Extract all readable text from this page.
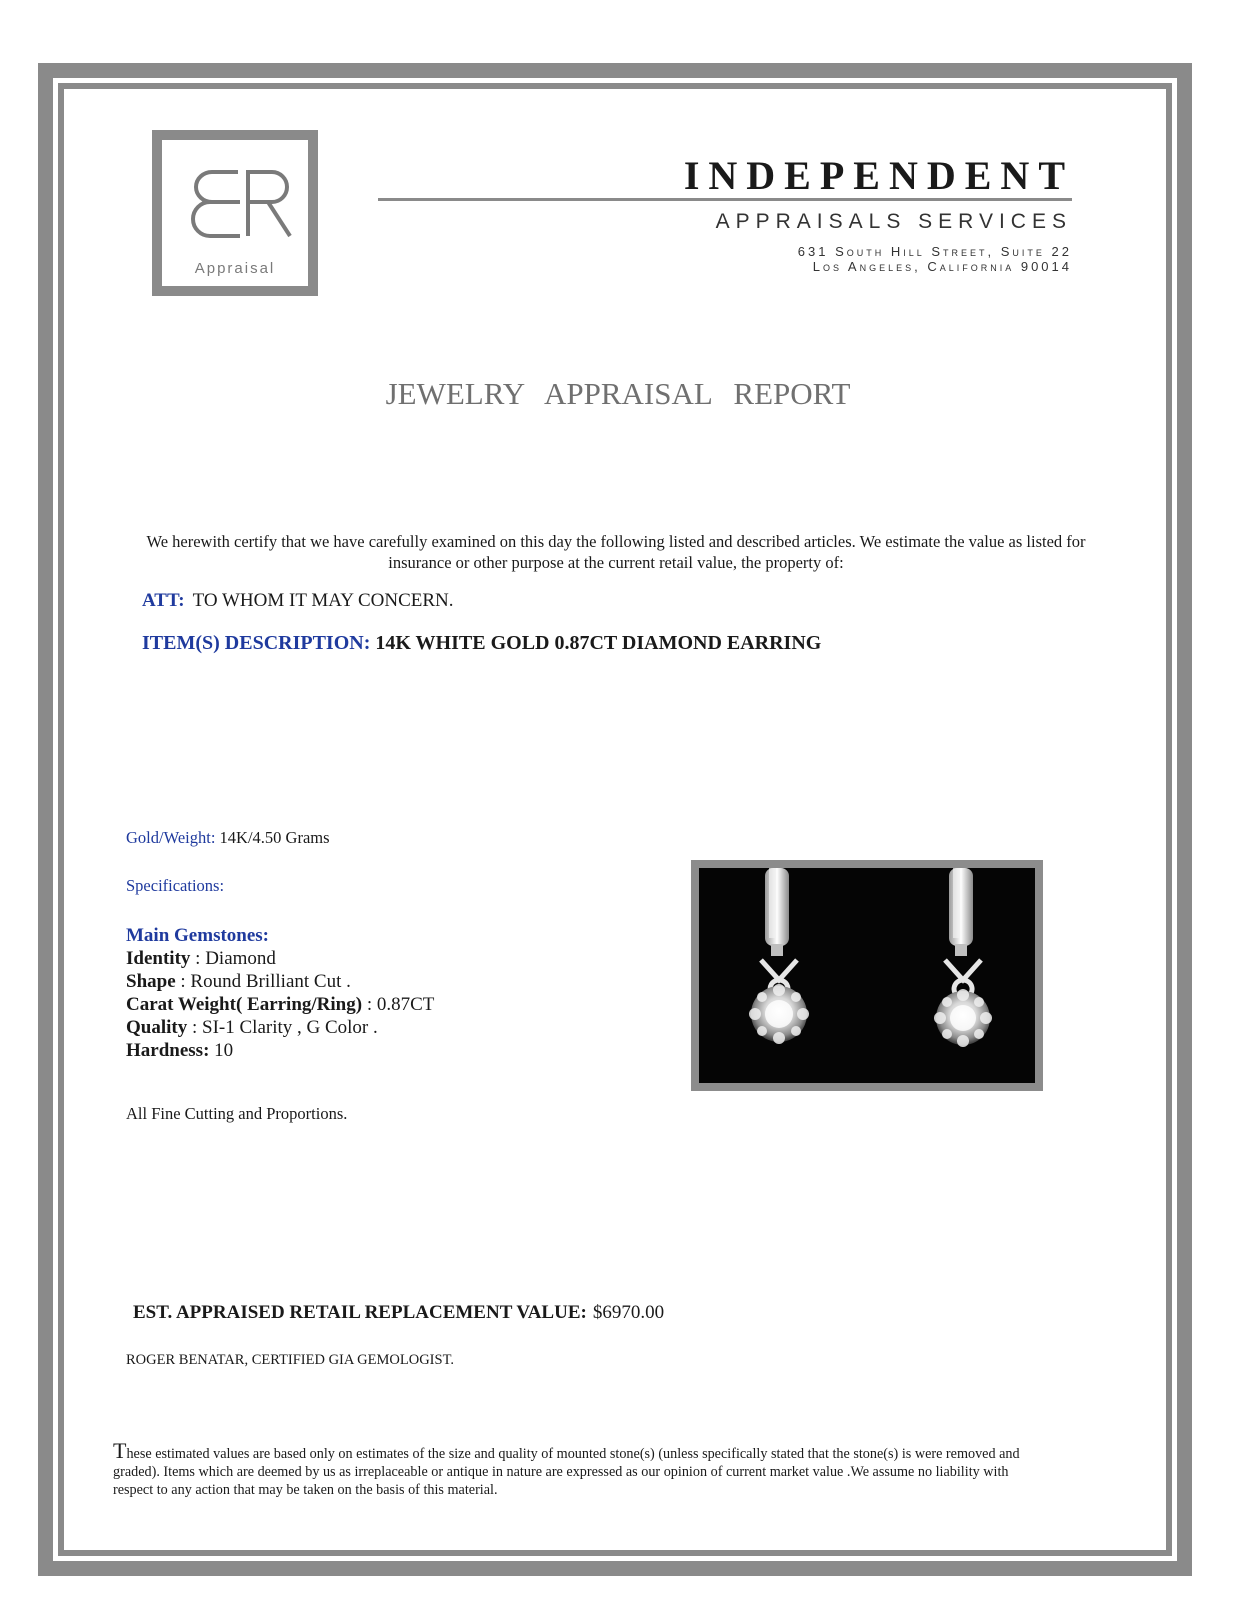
Appraisal
INDEPENDENT
APPRAISALS SERVICES
631 South Hill Street, Suite 22
Los Angeles, California 90014
JEWELRY APPRAISAL REPORT
We herewith certify that we have carefully examined on this day the following listed and described articles. We estimate the value as listed for insurance or other purpose at the current retail value, the property of:
ATT: TO WHOM IT MAY CONCERN.
ITEM(S) DESCRIPTION: 14K WHITE GOLD 0.87CT DIAMOND EARRING
Gold/Weight: 14K/4.50 Grams
Specifications:
Main Gemstones:
Identity : Diamond
Shape : Round Brilliant Cut .
Carat Weight( Earring/Ring) : 0.87CT
Quality : SI-1 Clarity , G Color .
Hardness: 10
All Fine Cutting and Proportions.
EST. APPRAISED RETAIL REPLACEMENT VALUE: $6970.00
ROGER BENATAR, CERTIFIED GIA GEMOLOGIST.
These estimated values are based only on estimates of the size and quality of mounted stone(s) (unless specifically stated that the stone(s) is were removed and graded). Items which are deemed by us as irreplaceable or antique in nature are expressed as our opinion of current market value .We assume no liability with respect to any action that may be taken on the basis of this material.
